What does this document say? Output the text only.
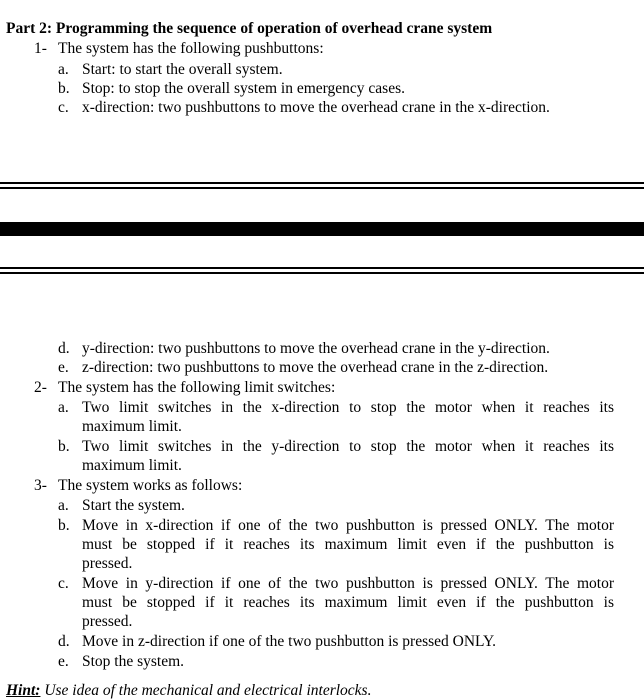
Part 2: Programming the sequence of operation of overhead crane system
1- The system has the following pushbuttons:
a. Start: to start the overall system.
b. Stop: to stop the overall system in emergency cases.
c. x-direction: two pushbuttons to move the overhead crane in the x-direction.
d. y-direction: two pushbuttons to move the overhead crane in the y-direction.
e. z-direction: two pushbuttons to move the overhead crane in the z-direction.
2- The system has the following limit switches:
a. Two limit switches in the x-direction to stop the motor when it reaches its
maximum limit.
b. Two limit switches in the y-direction to stop the motor when it reaches its
maximum limit.
3- The system works as follows:
a. Start the system.
b. Move in x-direction if one of the two pushbutton is pressed ONLY. The motor
must be stopped if it reaches its maximum limit even if the pushbutton is
pressed.
c. Move in y-direction if one of the two pushbutton is pressed ONLY. The motor
must be stopped if it reaches its maximum limit even if the pushbutton is
pressed.
d. Move in z-direction if one of the two pushbutton is pressed ONLY.
e. Stop the system.
Hint: Use idea of the mechanical and electrical interlocks.
